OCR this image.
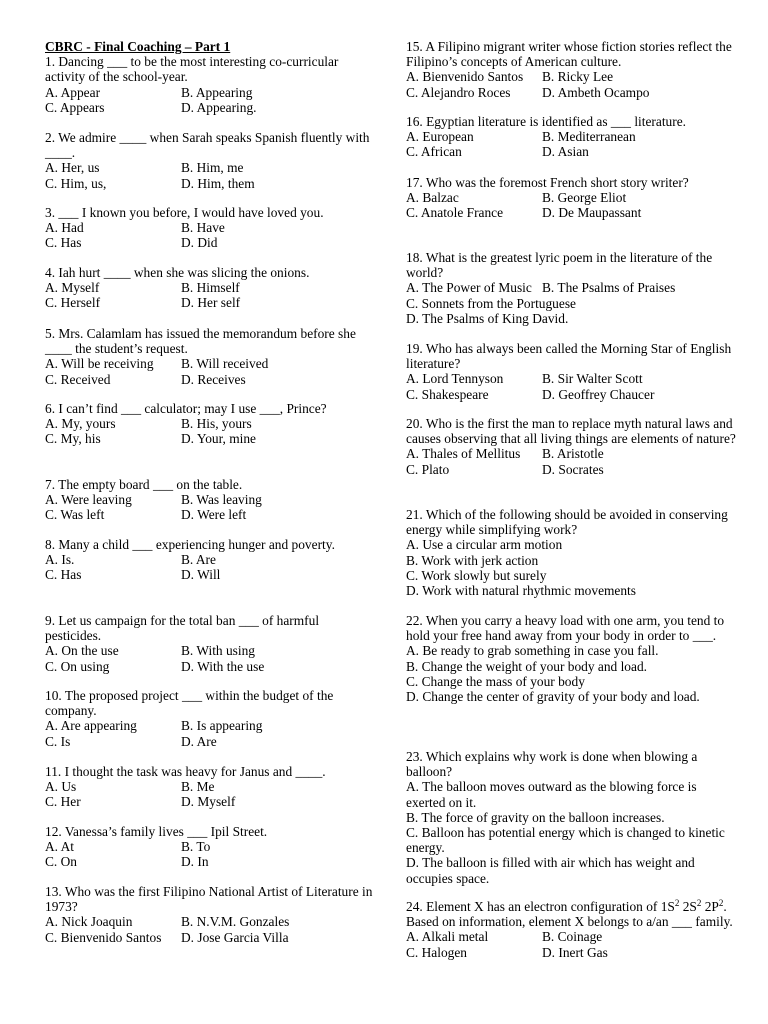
CBRC - Final Coaching – Part 1
1. Dancing ___ to be the most interesting co-curricular activity of the school-year.
A. Appear	B. Appearing
C. Appears	D. Appearing.
2. We admire ____ when Sarah speaks Spanish fluently with ____.
A. Her, us	B. Him, me
C. Him, us,	D. Him, them
3. ___ I known you before, I would have loved you.
A. Had	B. Have
C. Has	D. Did
4. Iah hurt ____ when she was slicing the onions.
A. Myself	B. Himself
C. Herself	D. Her self
5. Mrs. Calamlam has issued the memorandum before she ____ the student’s request.
A. Will be receiving	B. Will received
C. Received	D. Receives
6. I can’t find ___ calculator; may I use ___, Prince?
A. My, yours	B. His, yours
C. My, his	D. Your, mine
7. The empty board ___ on the table.
A. Were leaving	B. Was leaving
C. Was left	D. Were left
8. Many a child ___ experiencing hunger and poverty.
A. Is.	B. Are
C. Has	D. Will
9. Let us campaign for the total ban ___ of harmful pesticides.
A. On the use	B. With using
C. On using	D. With the use
10. The proposed project ___ within the budget of the company.
A. Are appearing	B. Is appearing
C. Is	D. Are
11. I thought the task was heavy for Janus and ____.
A. Us	B. Me
C. Her	D. Myself
12. Vanessa’s family lives ___ Ipil Street.
A. At	B. To
C. On	D. In
13. Who was the first Filipino National Artist of Literature in 1973?
A. Nick Joaquin	B. N.V.M. Gonzales
C. Bienvenido Santos	D. Jose Garcia Villa
15. A Filipino migrant writer whose fiction stories reflect the Filipino’s concepts of American culture.
A. Bienvenido Santos	B. Ricky Lee
C. Alejandro Roces	D. Ambeth Ocampo
16. Egyptian literature is identified as ___ literature.
A. European	B. Mediterranean
C. African	D. Asian
17. Who was the foremost French short story writer?
A. Balzac	B. George Eliot
C. Anatole France	D. De Maupassant
18. What is the greatest lyric poem in the literature of the world?
A. The Power of Music B. The Psalms of Praises
C. Sonnets from the Portuguese
D. The Psalms of King David.
19. Who has always been called the Morning Star of English literature?
A. Lord Tennyson	B. Sir Walter Scott
C. Shakespeare	D. Geoffrey Chaucer
20. Who is the first the man to replace myth natural laws and causes observing that all living things are elements of nature?
A. Thales of Mellitus	B. Aristotle
C. Plato	D. Socrates
21. Which of the following should be avoided in conserving energy while simplifying work?
A. Use a circular arm motion
B. Work with jerk action
C. Work slowly but surely
D. Work with natural rhythmic movements
22. When you carry a heavy load with one arm, you tend to hold your free hand away from your body in order to ___.
A. Be ready to grab something in case you fall.
B. Change the weight of your body and load.
C. Change the mass of your body
D. Change the center of gravity of your body and load.
23. Which explains why work is done when blowing a balloon?
A. The balloon moves outward as the blowing force is exerted on it.
B. The force of gravity on the balloon increases.
C. Balloon has potential energy which is changed to kinetic energy.
D. The balloon is filled with air which has weight and occupies space.
24. Element X has an electron configuration of $1S^2$ $2S^2$ $2P^2$. Based on information, element X belongs to a/an ___ family.
A. Alkali metal	B. Coinage
C. Halogen	D. Inert Gas
